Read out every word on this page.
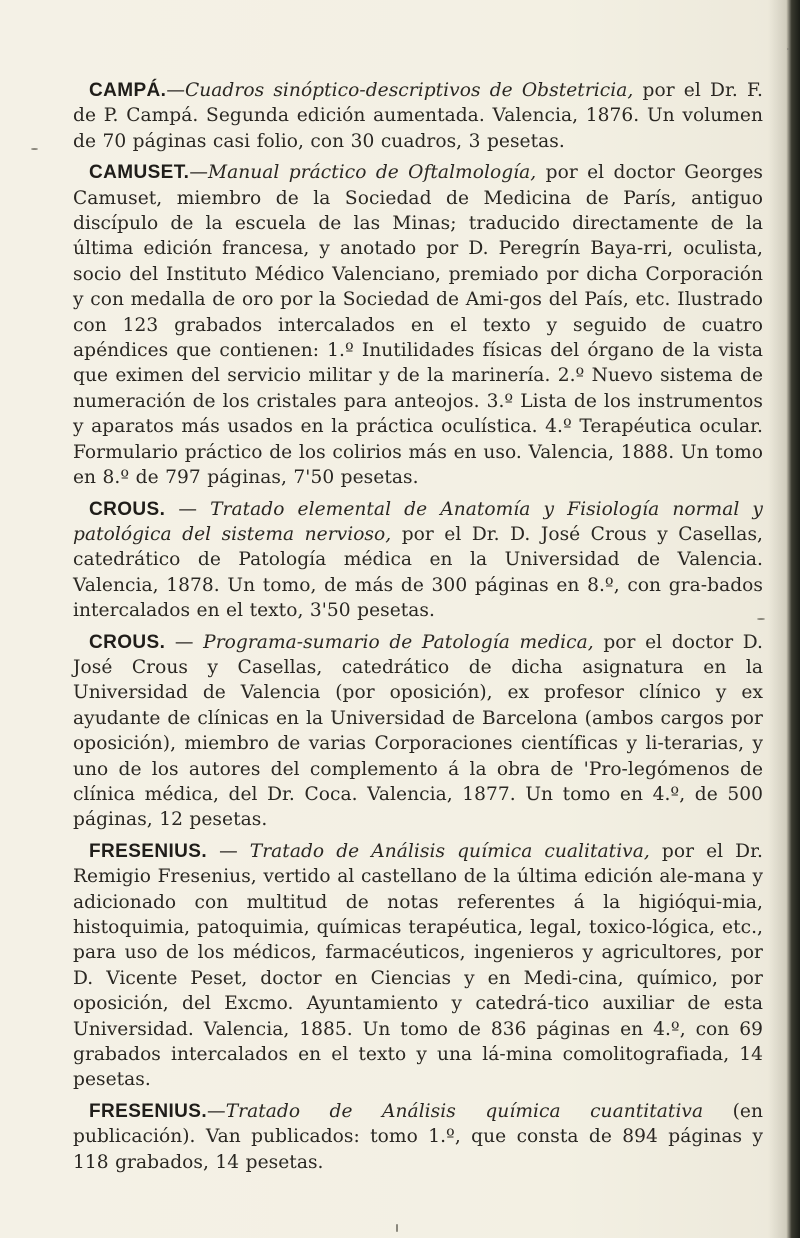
CAMPÁ.—Cuadros sinóptico-descriptivos de Obstetricia, por el Dr. F. de P. Campá. Segunda edición aumentada. Valencia, 1876. Un volumen de 70 páginas casi folio, con 30 cuadros, 3 pesetas.

CAMUSET.—Manual práctico de Oftalmología, por el doctor Georges Camuset, miembro de la Sociedad de Medicina de París, antiguo discípulo de la escuela de las Minas; traducido directamente de la última edición francesa, y anotado por D. Peregrín Baya-rri, oculista, socio del Instituto Médico Valenciano, premiado por dicha Corporación y con medalla de oro por la Sociedad de Ami-gos del País, etc. Ilustrado con 123 grabados intercalados en el texto y seguido de cuatro apéndices que contienen: 1.º Inutilidades físicas del órgano de la vista que eximen del servicio militar y de la marinería. 2.º Nuevo sistema de numeración de los cristales para anteojos. 3.º Lista de los instrumentos y aparatos más usados en la práctica oculística. 4.º Terapéutica ocular. Formulario práctico de los colirios más en uso. Valencia, 1888. Un tomo en 8.º de 797 páginas, 7'50 pesetas.

CROUS. — Tratado elemental de Anatomía y Fisiología normal y patológica del sistema nervioso, por el Dr. D. José Crous y Casellas, catedrático de Patología médica en la Universidad de Valencia. Valencia, 1878. Un tomo, de más de 300 páginas en 8.º, con gra-bados intercalados en el texto, 3'50 pesetas.

CROUS. — Programa-sumario de Patología medica, por el doctor D. José Crous y Casellas, catedrático de dicha asignatura en la Universidad de Valencia (por oposición), ex profesor clínico y ex ayudante de clínicas en la Universidad de Barcelona (ambos cargos por oposición), miembro de varias Corporaciones científicas y li-terarias, y uno de los autores del complemento á la obra de 'Pro-legómenos de clínica médica, del Dr. Coca. Valencia, 1877. Un tomo en 4.º, de 500 páginas, 12 pesetas.

FRESENIUS. — Tratado de Análisis química cualitativa, por el Dr. Remigio Fresenius, vertido al castellano de la última edición ale-mana y adicionado con multitud de notas referentes á la higióqui-mia, histoquimia, patoquimia, químicas terapéutica, legal, toxico-lógica, etc., para uso de los médicos, farmacéuticos, ingenieros y agricultores, por D. Vicente Peset, doctor en Ciencias y en Medi-cina, químico, por oposición, del Excmo. Ayuntamiento y catedrá-tico auxiliar de esta Universidad. Valencia, 1885. Un tomo de 836 páginas en 4.º, con 69 grabados intercalados en el texto y una lá-mina comolitografiada, 14 pesetas.

FRESENIUS.—Tratado de Análisis química cuantitativa (en publicación). Van publicados: tomo 1.º, que consta de 894 páginas y 118 grabados, 14 pesetas.
